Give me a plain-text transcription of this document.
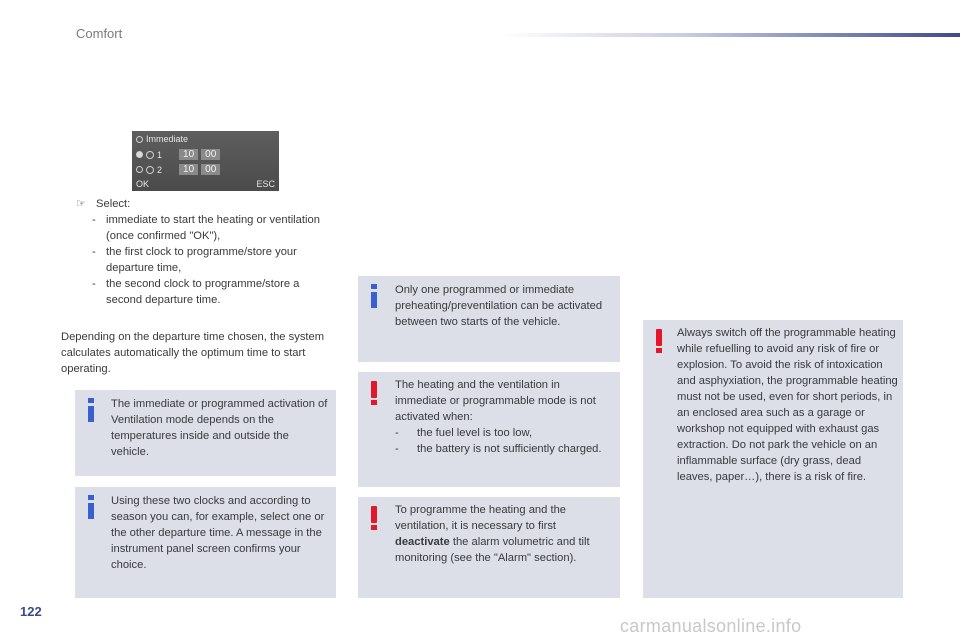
Comfort
Immediate
1	10	00
2	10	00
OK	ESC
☞ Select:
- immediate to start the heating or ventilation (once confirmed "OK"),
- the first clock to programme/store your departure time,
- the second clock to programme/store a second departure time.
Depending on the departure time chosen, the system calculates automatically the optimum time to start operating.
The immediate or programmed activation of Ventilation mode depends on the temperatures inside and outside the vehicle.
Using these two clocks and according to season you can, for example, select one or the other departure time. A message in the instrument panel screen confirms your choice.
Only one programmed or immediate preheating/preventilation can be activated between two starts of the vehicle.
The heating and the ventilation in immediate or programmable mode is not activated when:
-	the fuel level is too low,
-	the battery is not sufficiently charged.
To programme the heating and the ventilation, it is necessary to first deactivate the alarm volumetric and tilt monitoring (see the "Alarm" section).
Always switch off the programmable heating while refuelling to avoid any risk of fire or explosion. To avoid the risk of intoxication and asphyxiation, the programmable heating must not be used, even for short periods, in an enclosed area such as a garage or workshop not equipped with exhaust gas extraction. Do not park the vehicle on an inflammable surface (dry grass, dead leaves, paper…), there is a risk of fire.
122
carmanualsonline.info
